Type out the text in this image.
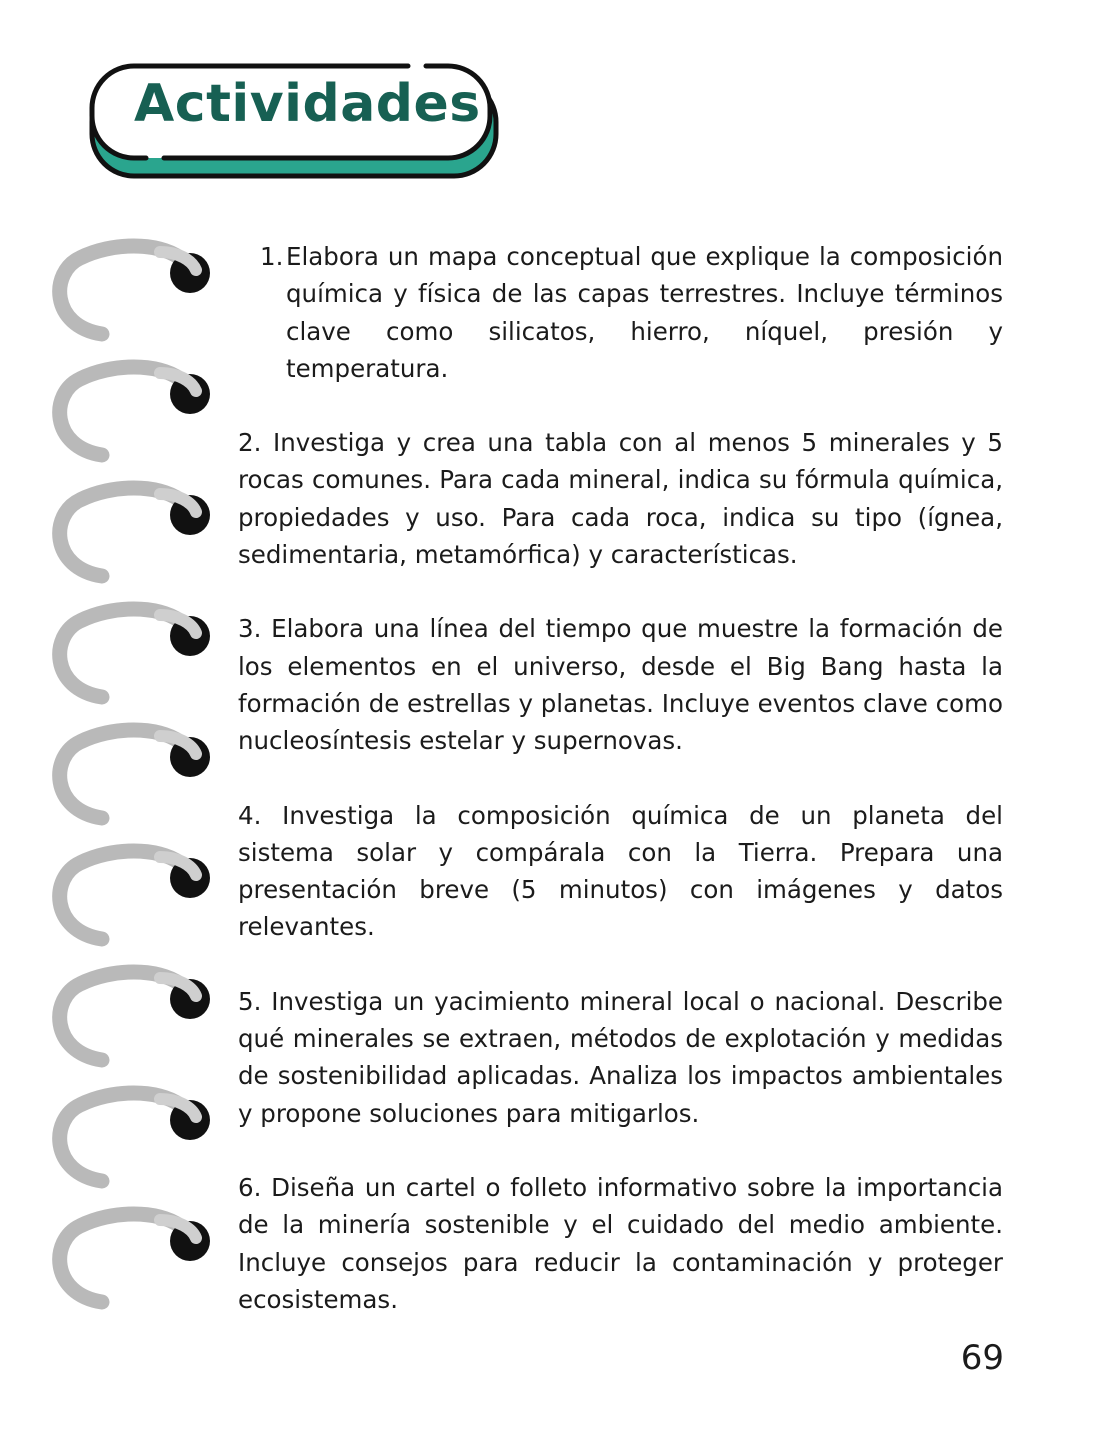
Actividades
1. Elabora un mapa conceptual que explique la composición química y física de las capas terrestres. Incluye términos clave como silicatos, hierro, níquel, presión y temperatura.

2. Investiga y crea una tabla con al menos 5 minerales y 5 rocas comunes. Para cada mineral, indica su fórmula química, propiedades y uso. Para cada roca, indica su tipo (ígnea, sedimentaria, metamórfica) y características.

3. Elabora una línea del tiempo que muestre la formación de los elementos en el universo, desde el Big Bang hasta la formación de estrellas y planetas. Incluye eventos clave como nucleosíntesis estelar y supernovas.

4. Investiga la composición química de un planeta del sistema solar y compárala con la Tierra. Prepara una presentación breve (5 minutos) con imágenes y datos relevantes.

5. Investiga un yacimiento mineral local o nacional. Describe qué minerales se extraen, métodos de explotación y medidas de sostenibilidad aplicadas. Analiza los impactos ambientales y propone soluciones para mitigarlos.

6. Diseña un cartel o folleto informativo sobre la importancia de la minería sostenible y el cuidado del medio ambiente. Incluye consejos para reducir la contaminación y proteger ecosistemas.

69
